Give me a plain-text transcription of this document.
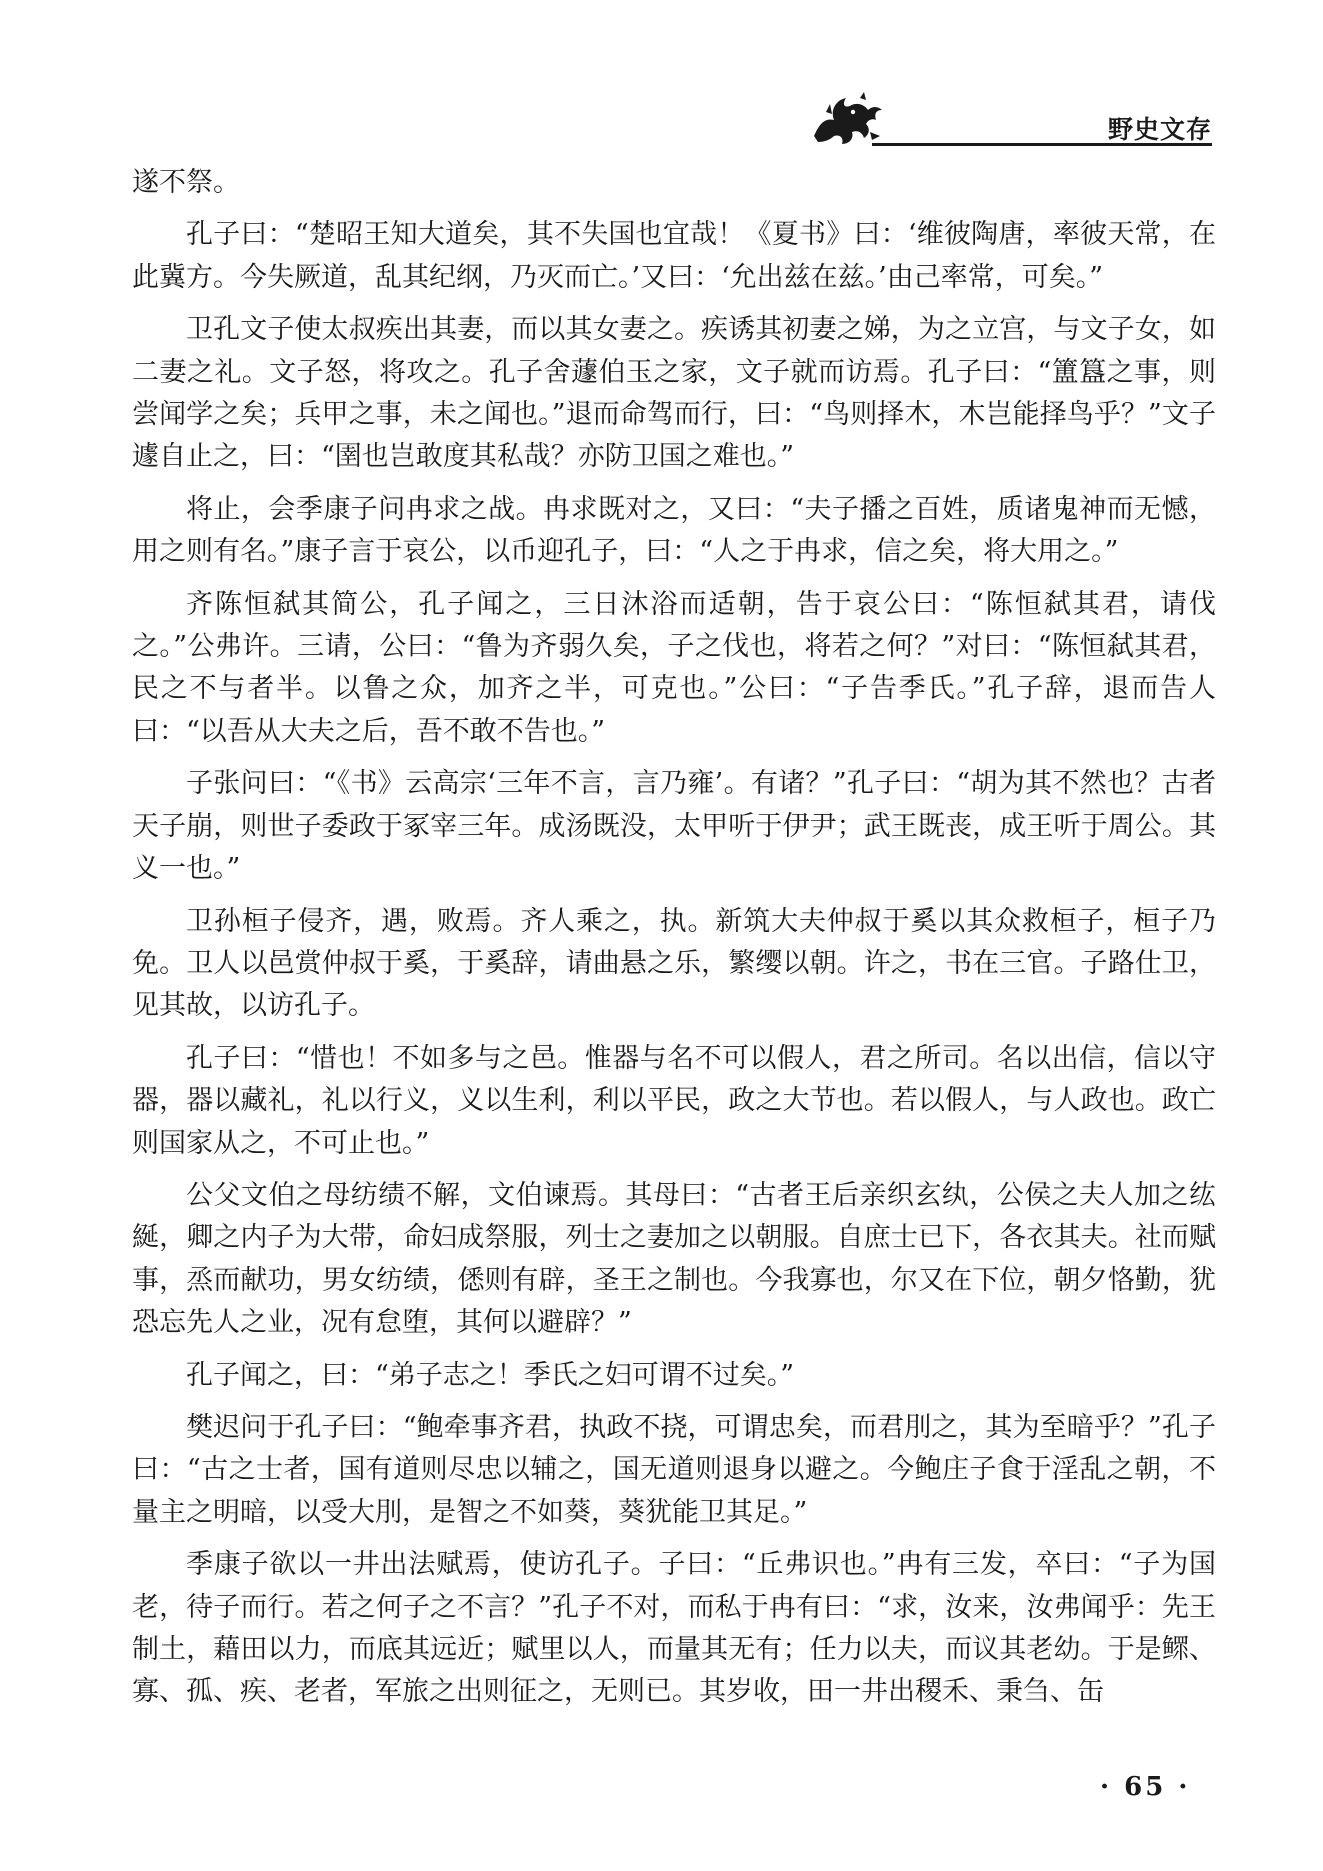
野史文存

遂不祭。

孔子曰：“楚昭王知大道矣，其不失国也宜哉！《夏书》曰：‘维彼陶唐，率彼天常，在此冀方。今失厥道，乱其纪纲，乃灭而亡。’又曰：‘允出兹在兹。’由己率常，可矣。”

卫孔文子使太叔疾出其妻，而以其女妻之。疾诱其初妻之娣，为之立宫，与文子女，如二妻之礼。文子怒，将攻之。孔子舍蘧伯玉之家，文子就而访焉。孔子曰：“簠簋之事，则尝闻学之矣；兵甲之事，未之闻也。”退而命驾而行，曰：“鸟则择木，木岂能择鸟乎？”文子遽自止之，曰：“圉也岂敢度其私哉？亦防卫国之难也。”

将止，会季康子问冉求之战。冉求既对之，又曰：“夫子播之百姓，质诸鬼神而无憾，用之则有名。”康子言于哀公，以币迎孔子，曰：“人之于冉求，信之矣，将大用之。”

齐陈恒弑其简公，孔子闻之，三日沐浴而适朝，告于哀公曰：“陈恒弑其君，请伐之。”公弗许。三请，公曰：“鲁为齐弱久矣，子之伐也，将若之何？”对曰：“陈恒弑其君，民之不与者半。以鲁之众，加齐之半，可克也。”公曰：“子告季氏。”孔子辞，退而告人曰：“以吾从大夫之后，吾不敢不告也。”

子张问曰：“《书》云高宗‘三年不言，言乃雍’。有诸？”孔子曰：“胡为其不然也？古者天子崩，则世子委政于冢宰三年。成汤既没，太甲听于伊尹；武王既丧，成王听于周公。其义一也。”

卫孙桓子侵齐，遇，败焉。齐人乘之，执。新筑大夫仲叔于奚以其众救桓子，桓子乃免。卫人以邑赏仲叔于奚，于奚辞，请曲悬之乐，繁缨以朝。许之，书在三官。子路仕卫，见其故，以访孔子。

孔子曰：“惜也！不如多与之邑。惟器与名不可以假人，君之所司。名以出信，信以守器，器以藏礼，礼以行义，义以生利，利以平民，政之大节也。若以假人，与人政也。政亡则国家从之，不可止也。”

公父文伯之母纺绩不解，文伯谏焉。其母曰：“古者王后亲织玄纨，公侯之夫人加之纮綖，卿之内子为大带，命妇成祭服，列士之妻加之以朝服。自庶士已下，各衣其夫。社而赋事，烝而献功，男女纺绩，僁则有辟，圣王之制也。今我寡也，尔又在下位，朝夕恪勤，犹恐忘先人之业，况有怠堕，其何以避辟？”

孔子闻之，曰：“弟子志之！季氏之妇可谓不过矣。”

樊迟问于孔子曰：“鲍牵事齐君，执政不挠，可谓忠矣，而君刖之，其为至暗乎？”孔子曰：“古之士者，国有道则尽忠以辅之，国无道则退身以避之。今鲍庄子食于淫乱之朝，不量主之明暗，以受大刖，是智之不如葵，葵犹能卫其足。”

季康子欲以一井出法赋焉，使访孔子。子曰：“丘弗识也。”冉有三发，卒曰：“子为国老，待子而行。若之何子之不言？”孔子不对，而私于冉有曰：“求，汝来，汝弗闻乎：先王制土，藉田以力，而底其远近；赋里以人，而量其无有；任力以夫，而议其老幼。于是鳏、寡、孤、疾、老者，军旅之出则征之，无则已。其岁收，田一井出稷禾、秉刍、缶

· 65 ·
